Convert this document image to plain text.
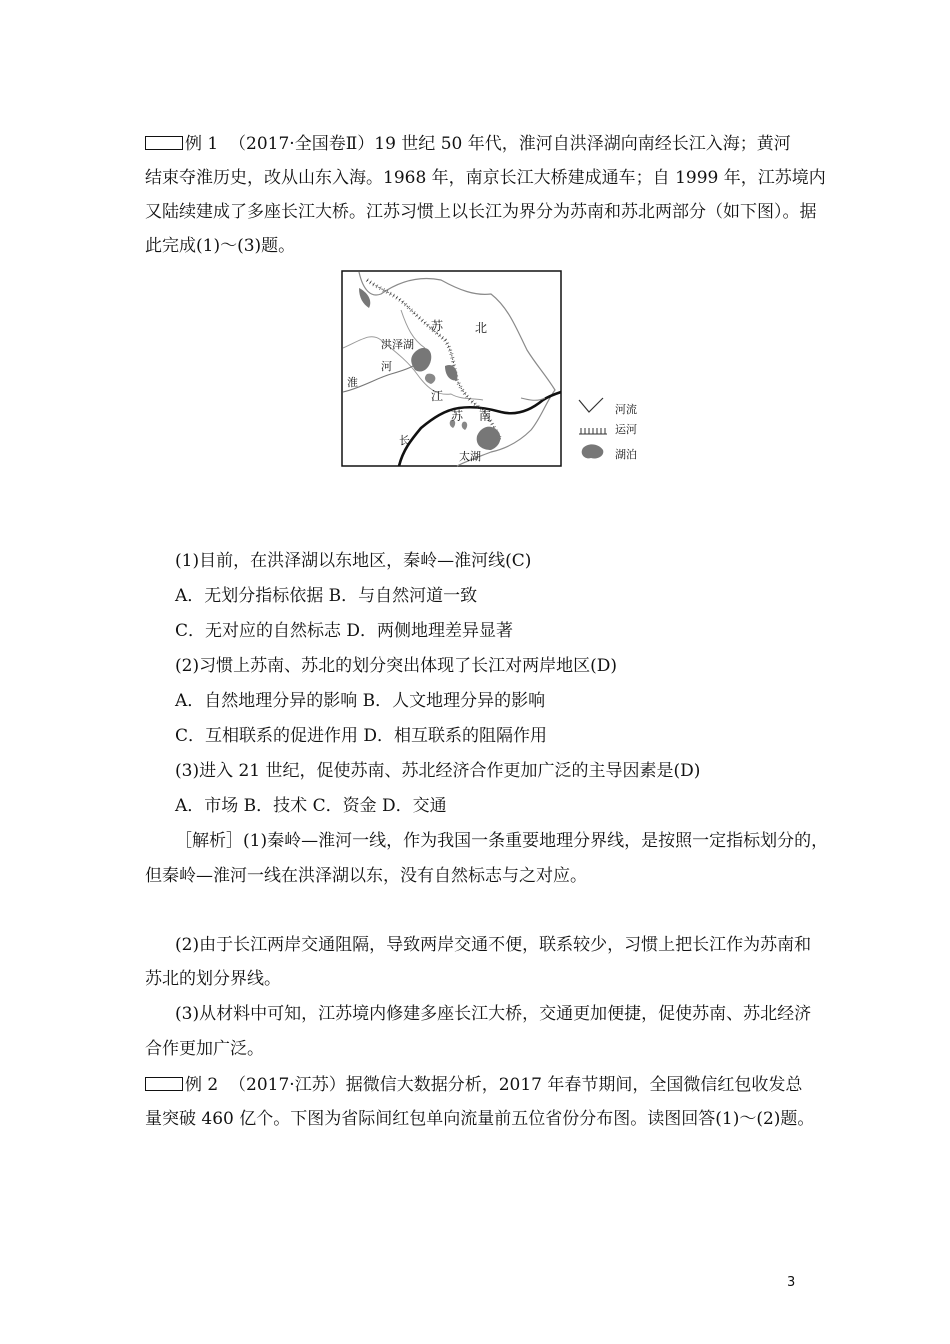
例 1 （2017·全国卷Ⅱ）19 世纪 50 年代，淮河自洪泽湖向南经长江入海；黄河
结束夺淮历史，改从山东入海。1968 年，南京长江大桥建成通车；自 1999 年，江苏境内
又陆续建成了多座长江大桥。江苏习惯上以长江为界分为苏南和苏北两部分（如下图）。据
此完成(1)～(3)题。
苏	北
洪泽湖
河
淮
江
苏 南
长
太湖
河流
运河
湖泊
(1)目前，在洪泽湖以东地区，秦岭—淮河线(C)
A．无划分指标依据 B．与自然河道一致
C．无对应的自然标志 D．两侧地理差异显著
(2)习惯上苏南、苏北的划分突出体现了长江对两岸地区(D)
A．自然地理分异的影响 B．人文地理分异的影响
C．互相联系的促进作用 D．相互联系的阻隔作用
(3)进入 21 世纪，促使苏南、苏北经济合作更加广泛的主导因素是(D)
A．市场 B．技术 C．资金 D．交通
［解析］(1)秦岭—淮河一线，作为我国一条重要地理分界线，是按照一定指标划分的，
但秦岭—淮河一线在洪泽湖以东，没有自然标志与之对应。
(2)由于长江两岸交通阻隔，导致两岸交通不便，联系较少，习惯上把长江作为苏南和
苏北的划分界线。
(3)从材料中可知，江苏境内修建多座长江大桥，交通更加便捷，促使苏南、苏北经济
合作更加广泛。
例 2 （2017·江苏）据微信大数据分析，2017 年春节期间，全国微信红包收发总
量突破 460 亿个。下图为省际间红包单向流量前五位省份分布图。读图回答(1)～(2)题。
3
